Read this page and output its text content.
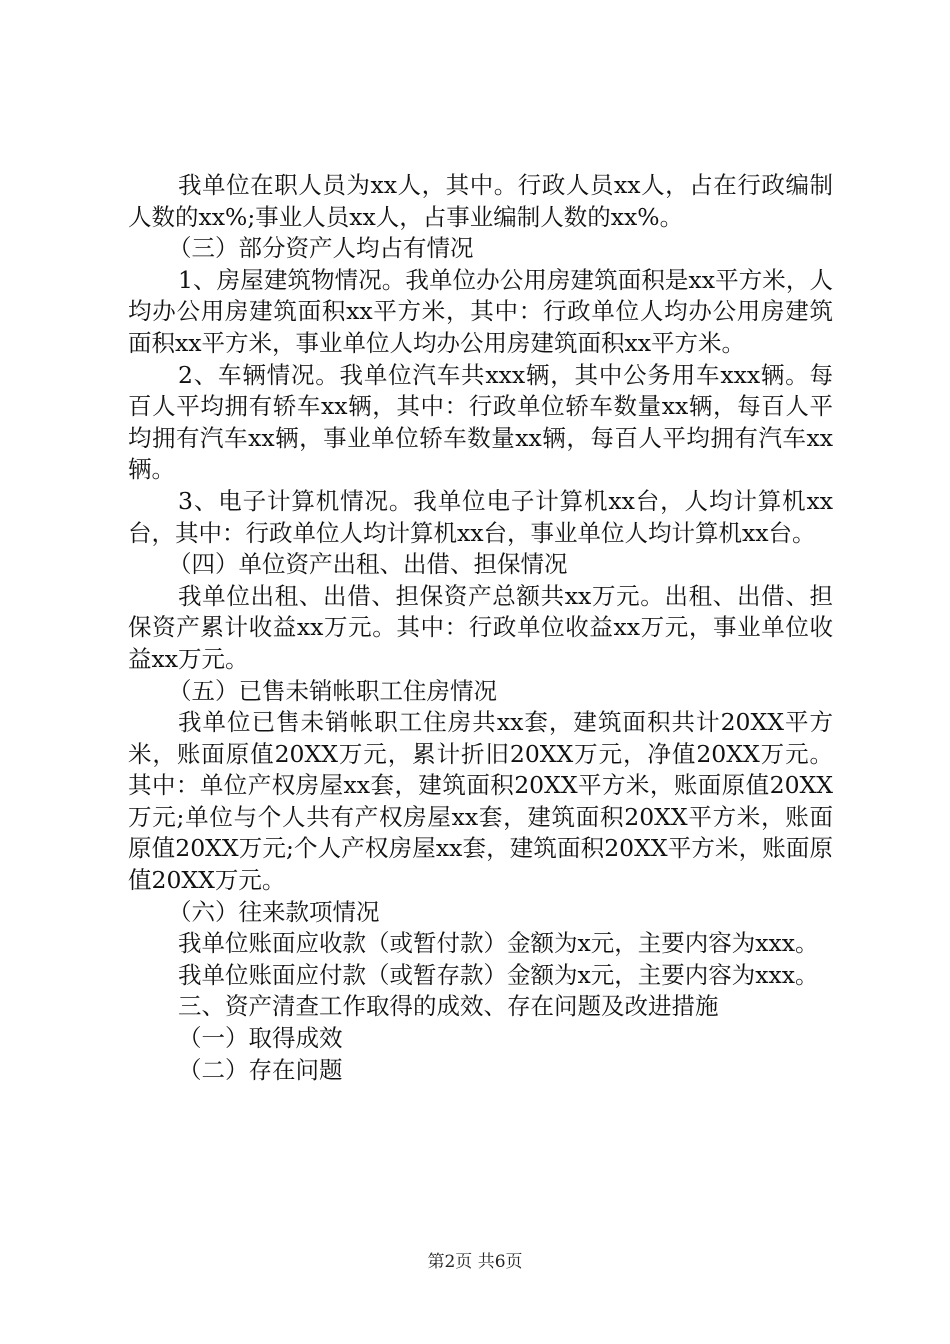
我单位在职人员为xx人，其中。行政人员xx人，占在行政编制人数的xx%;事业人员xx人，占事业编制人数的xx%。

（三）部分资产人均占有情况

1、房屋建筑物情况。我单位办公用房建筑面积是xx平方米，人均办公用房建筑面积xx平方米，其中：行政单位人均办公用房建筑面积xx平方米，事业单位人均办公用房建筑面积xx平方米。

2、车辆情况。我单位汽车共xxx辆，其中公务用车xxx辆。每百人平均拥有轿车xx辆，其中：行政单位轿车数量xx辆，每百人平均拥有汽车xx辆，事业单位轿车数量xx辆，每百人平均拥有汽车xx辆。

3、电子计算机情况。我单位电子计算机xx台，人均计算机xx台，其中：行政单位人均计算机xx台，事业单位人均计算机xx台。

（四）单位资产出租、出借、担保情况

我单位出租、出借、担保资产总额共xx万元。出租、出借、担保资产累计收益xx万元。其中：行政单位收益xx万元，事业单位收益xx万元。

（五）已售未销帐职工住房情况

我单位已售未销帐职工住房共xx套，建筑面积共计20XX平方米，账面原值20XX万元，累计折旧20XX万元，净值20XX万元。其中：单位产权房屋xx套，建筑面积20XX平方米，账面原值20XX万元;单位与个人共有产权房屋xx套，建筑面积20XX平方米，账面原值20XX万元;个人产权房屋xx套，建筑面积20XX平方米，账面原值20XX万元。

（六）往来款项情况

我单位账面应收款（或暂付款）金额为x元，主要内容为xxx。

我单位账面应付款（或暂存款）金额为x元，主要内容为xxx。

三、资产清查工作取得的成效、存在问题及改进措施

（一）取得成效

（二）存在问题

第2页 共6页
